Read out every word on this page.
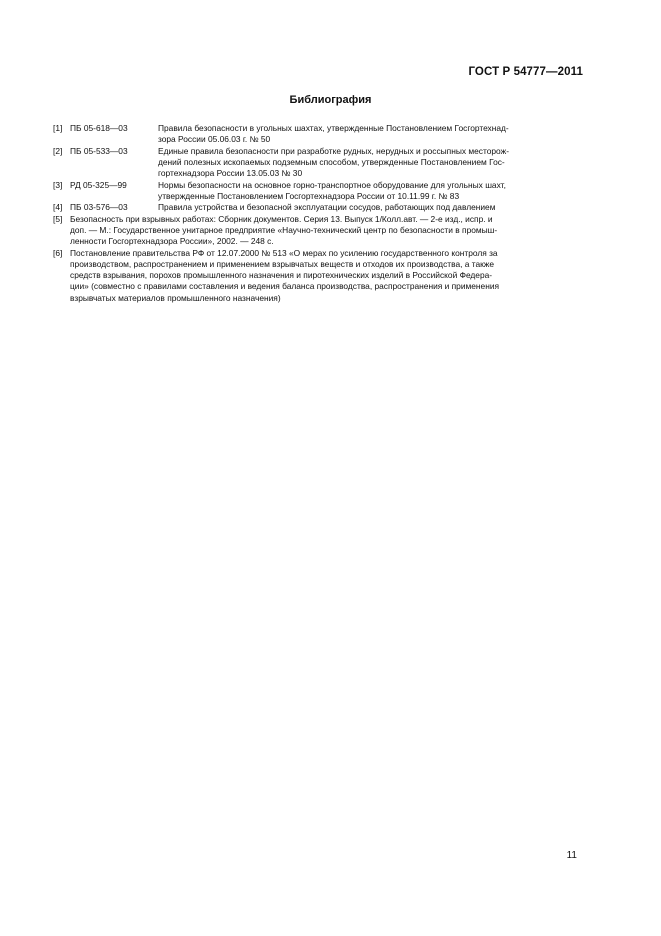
ГОСТ Р 54777—2011
Библиография
[1] ПБ 05-618—03	Правила безопасности в угольных шахтах, утвержденные Постановлением Госгортехнад-
зора России 05.06.03 г. № 50
[2] ПБ 05-533—03	Единые правила безопасности при разработке рудных, нерудных и россыпных месторож-
дений полезных ископаемых подземным способом, утвержденные Постановлением Гос-
гортехнадзора России 13.05.03 № 30
[3] РД 05-325—99	Нормы безопасности на основное горно-транспортное оборудование для угольных шахт,
утвержденные Постановлением Госгортехнадзора России от 10.11.99 г. № 83
[4] ПБ 03-576—03	Правила устройства и безопасной эксплуатации сосудов, работающих под давлением
[5] Безопасность при взрывных работах: Сборник документов. Серия 13. Выпуск 1/Колл.авт. — 2-е изд., испр. и
доп. — М.: Государственное унитарное предприятие «Научно-технический центр по безопасности в промыш-
ленности Госгортехнадзора России», 2002. — 248 с.
[6] Постановление правительства РФ от 12.07.2000 № 513 «О мерах по усилению государственного контроля за
производством, распространением и применением взрывчатых веществ и отходов их производства, а также
средств взрывания, порохов промышленного назначения и пиротехнических изделий в Российской Федера-
ции» (совместно с правилами составления и ведения баланса производства, распространения и применения
взрывчатых материалов промышленного назначения)
11
